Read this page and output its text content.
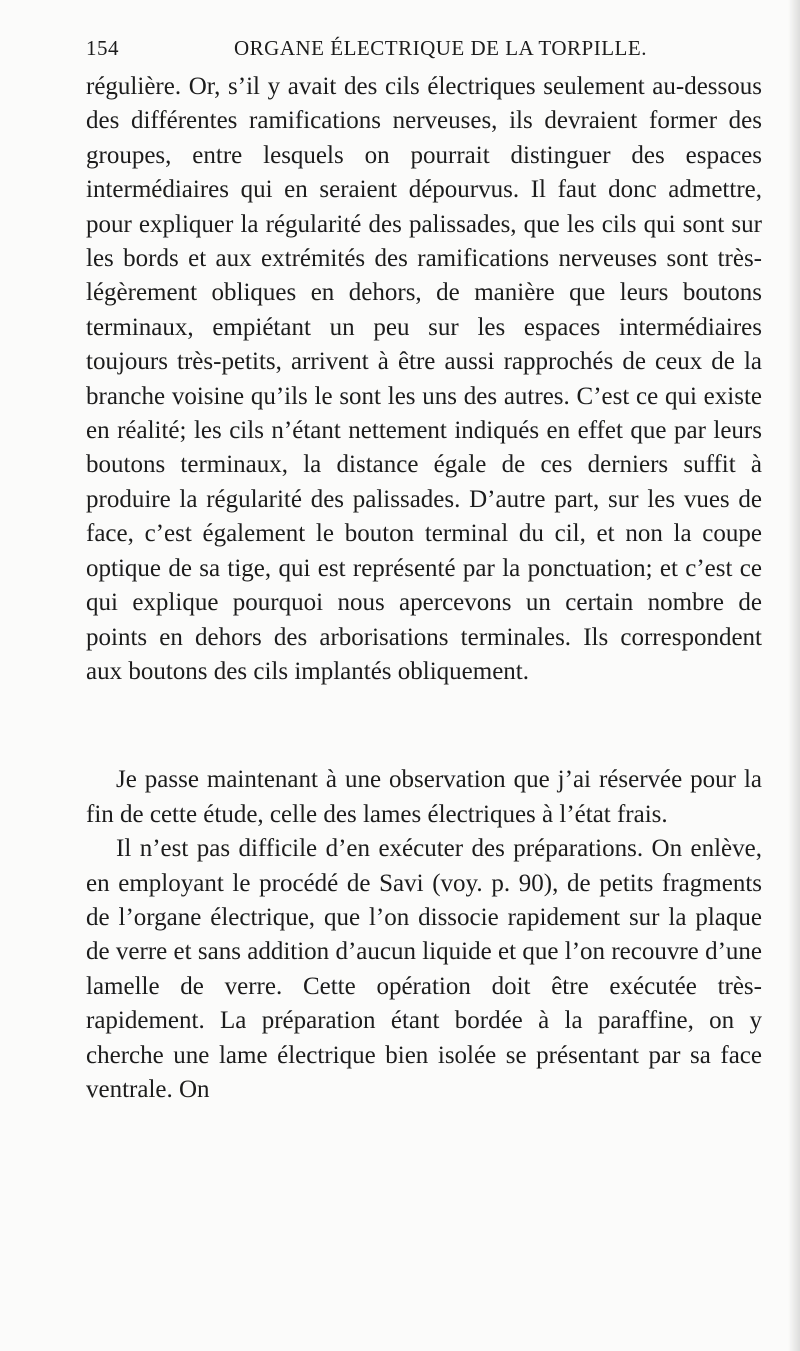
154	ORGANE ÉLECTRIQUE DE LA TORPILLE.

régulière. Or, s’il y avait des cils électriques seulement au-dessous des différentes ramifications nerveuses, ils devraient former des groupes, entre lesquels on pourrait distinguer des espaces intermédiaires qui en seraient dépourvus. Il faut donc admettre, pour expliquer la régularité des palissades, que les cils qui sont sur les bords et aux extrémités des ramifications nerveuses sont très-légèrement obliques en dehors, de manière que leurs boutons terminaux, empiétant un peu sur les espaces intermédiaires toujours très-petits, arrivent à être aussi rapprochés de ceux de la branche voisine qu’ils le sont les uns des autres. C’est ce qui existe en réalité; les cils n’étant nettement indiqués en effet que par leurs boutons terminaux, la distance égale de ces derniers suffit à produire la régularité des palissades. D’autre part, sur les vues de face, c’est également le bouton terminal du cil, et non la coupe optique de sa tige, qui est représenté par la ponctuation; et c’est ce qui explique pourquoi nous apercevons un certain nombre de points en dehors des arborisations terminales. Ils correspondent aux boutons des cils implantés obliquement.

Je passe maintenant à une observation que j’ai réservée pour la fin de cette étude, celle des lames électriques à l’état frais.

Il n’est pas difficile d’en exécuter des préparations. On enlève, en employant le procédé de Savi (voy. p. 90), de petits fragments de l’organe électrique, que l’on dissocie rapidement sur la plaque de verre et sans addition d’aucun liquide et que l’on recouvre d’une lamelle de verre. Cette opération doit être exécutée très-rapidement. La préparation étant bordée à la paraffine, on y cherche une lame électrique bien isolée se présentant par sa face ventrale. On
